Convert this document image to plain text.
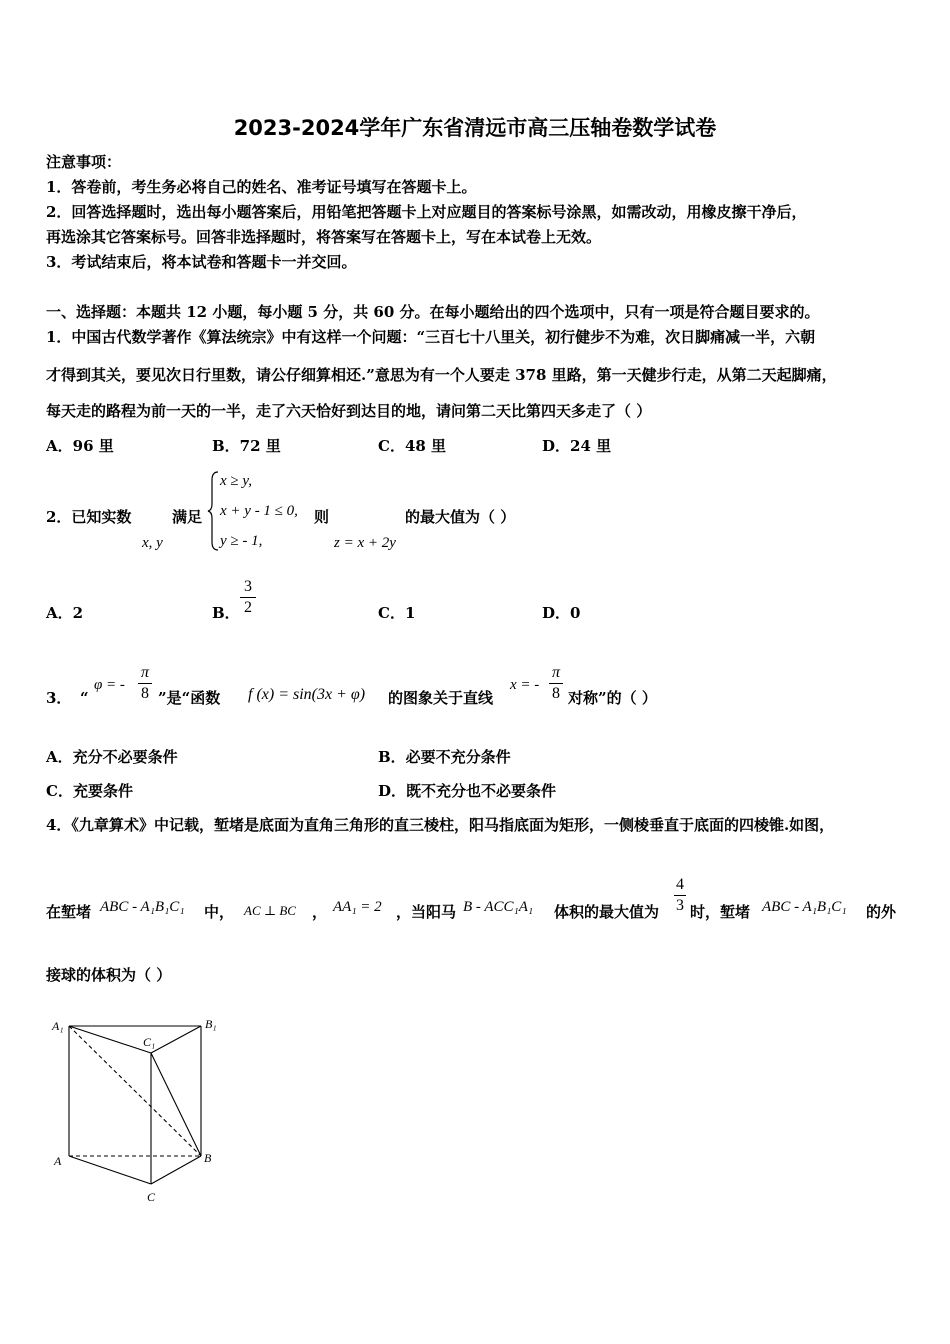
2023-2024学年广东省清远市高三压轴卷数学试卷
注意事项：
1．答卷前，考生务必将自己的姓名、准考证号填写在答题卡上。
2．回答选择题时，选出每小题答案后，用铅笔把答题卡上对应题目的答案标号涂黑，如需改动，用橡皮擦干净后，
再选涂其它答案标号。回答非选择题时，将答案写在答题卡上，写在本试卷上无效。
3．考试结束后，将本试卷和答题卡一并交回。
一、选择题：本题共 12 小题，每小题 5 分，共 60 分。在每小题给出的四个选项中，只有一项是符合题目要求的。
1．中国古代数学著作《算法统宗》中有这样一个问题：“三百七十八里关，初行健步不为难，次日脚痛减一半，六朝
才得到其关，要见次日行里数，请公仔细算相还.”意思为有一个人要走 378 里路，第一天健步行走，从第二天起脚痛，
每天走的路程为前一天的一半，走了六天恰好到达目的地，请问第二天比第四天多走了（ ）
A．96 里	B．72 里	C．48 里	D．24 里
2．已知实数
x, y
满足
x ≥ y,
x + y - 1 ≤ 0,
y ≥ - 1,
则
z = x + 2y
的最大值为（ ）
A．2	B．
3
2	C．1	D．0
3． “
φ = -
π
8 ”是“函数 f (x) = sin(3x + φ) 的图象关于直线
x = -
π
8 对称”的（ ）
A．充分不必要条件	B．必要不充分条件
C．充要条件	D．既不充分也不必要条件
4．《九章算术》中记载，堑堵是底面为直角三角形的直三棱柱，阳马指底面为矩形，一侧棱垂直于底面的四棱锥.如图，
在堑堵 ABC - A₁B₁C₁ 中， AC ⊥ BC ， AA₁ = 2 ，当阳马 B - ACC₁A₁ 体积的最大值为
4
3 时，堑堵 ABC - A₁B₁C₁ 的外
接球的体积为（ ）
A₁	B₁
C₁
A	B
C
